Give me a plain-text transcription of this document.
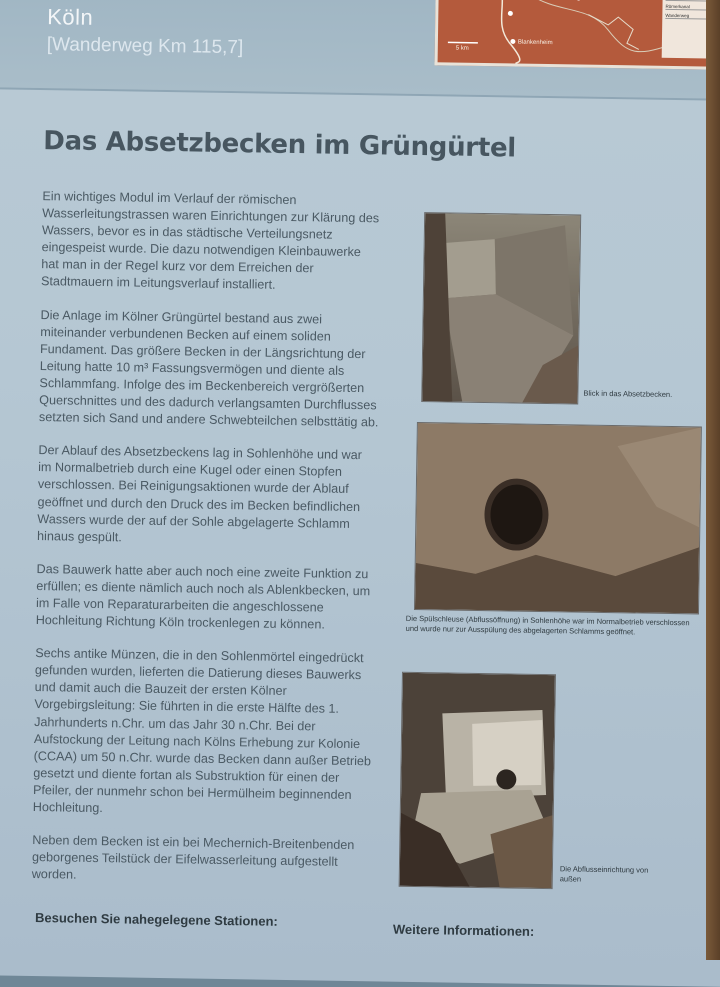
Köln
[Wanderweg Km 115,7]	Blankenheim
5 km
Römerkanal
Wanderweg
Das Absetzbecken im Grüngürtel

Ein wichtiges Modul im Verlauf der römischen Wasserleitungstrassen waren Einrichtungen zur Klärung des Wassers, bevor es in das städtische Verteilungsnetz eingespeist wurde. Die dazu notwendigen Kleinbauwerke hat man in der Regel kurz vor dem Erreichen der Stadtmauern im Leitungsverlauf installiert.

Die Anlage im Kölner Grüngürtel bestand aus zwei miteinander verbundenen Becken auf einem soliden Fundament. Das größere Becken in der Längsrichtung der Leitung hatte 10 m³ Fassungsvermögen und diente als Schlammfang. Infolge des im Beckenbereich vergrößerten Querschnittes und des dadurch verlangsamten Durchflusses setzten sich Sand und andere Schwebteilchen selbsttätig ab.

Der Ablauf des Absetzbeckens lag in Sohlenhöhe und war im Normalbetrieb durch eine Kugel oder einen Stopfen verschlossen. Bei Reinigungsaktionen wurde der Ablauf geöffnet und durch den Druck des im Becken befindlichen Wassers wurde der auf der Sohle abgelagerte Schlamm hinaus gespült.

Das Bauwerk hatte aber auch noch eine zweite Funktion zu erfüllen; es diente nämlich auch noch als Ablenkbecken, um im Falle von Reparaturarbeiten die angeschlossene Hochleitung Richtung Köln trockenlegen zu können.

Sechs antike Münzen, die in den Sohlenmörtel eingedrückt gefunden wurden, lieferten die Datierung dieses Bauwerks und damit auch die Bauzeit der ersten Kölner Vorgebirgsleitung: Sie führten in die erste Hälfte des 1. Jahrhunderts n.Chr. um das Jahr 30 n.Chr. Bei der Aufstockung der Leitung nach Kölns Erhebung zur Kolonie (CCAA) um 50 n.Chr. wurde das Becken dann außer Betrieb gesetzt und diente fortan als Substruktion für einen der Pfeiler, der nunmehr schon bei Hermülheim beginnenden Hochleitung.

Neben dem Becken ist ein bei Mechernich-Breitenbenden geborgenes Teilstück der Eifelwasserleitung aufgestellt worden.

Blick in das Absetzbecken.
Die Spülschleuse (Abflussöffnung) in Sohlenhöhe war im Normalbetrieb verschlossen und wurde nur zur Ausspülung des abgelagerten Schlamms geöffnet.
Die Abflusseinrichtung von außen
Besuchen Sie nahegelegene Stationen:
Weitere Informationen:
